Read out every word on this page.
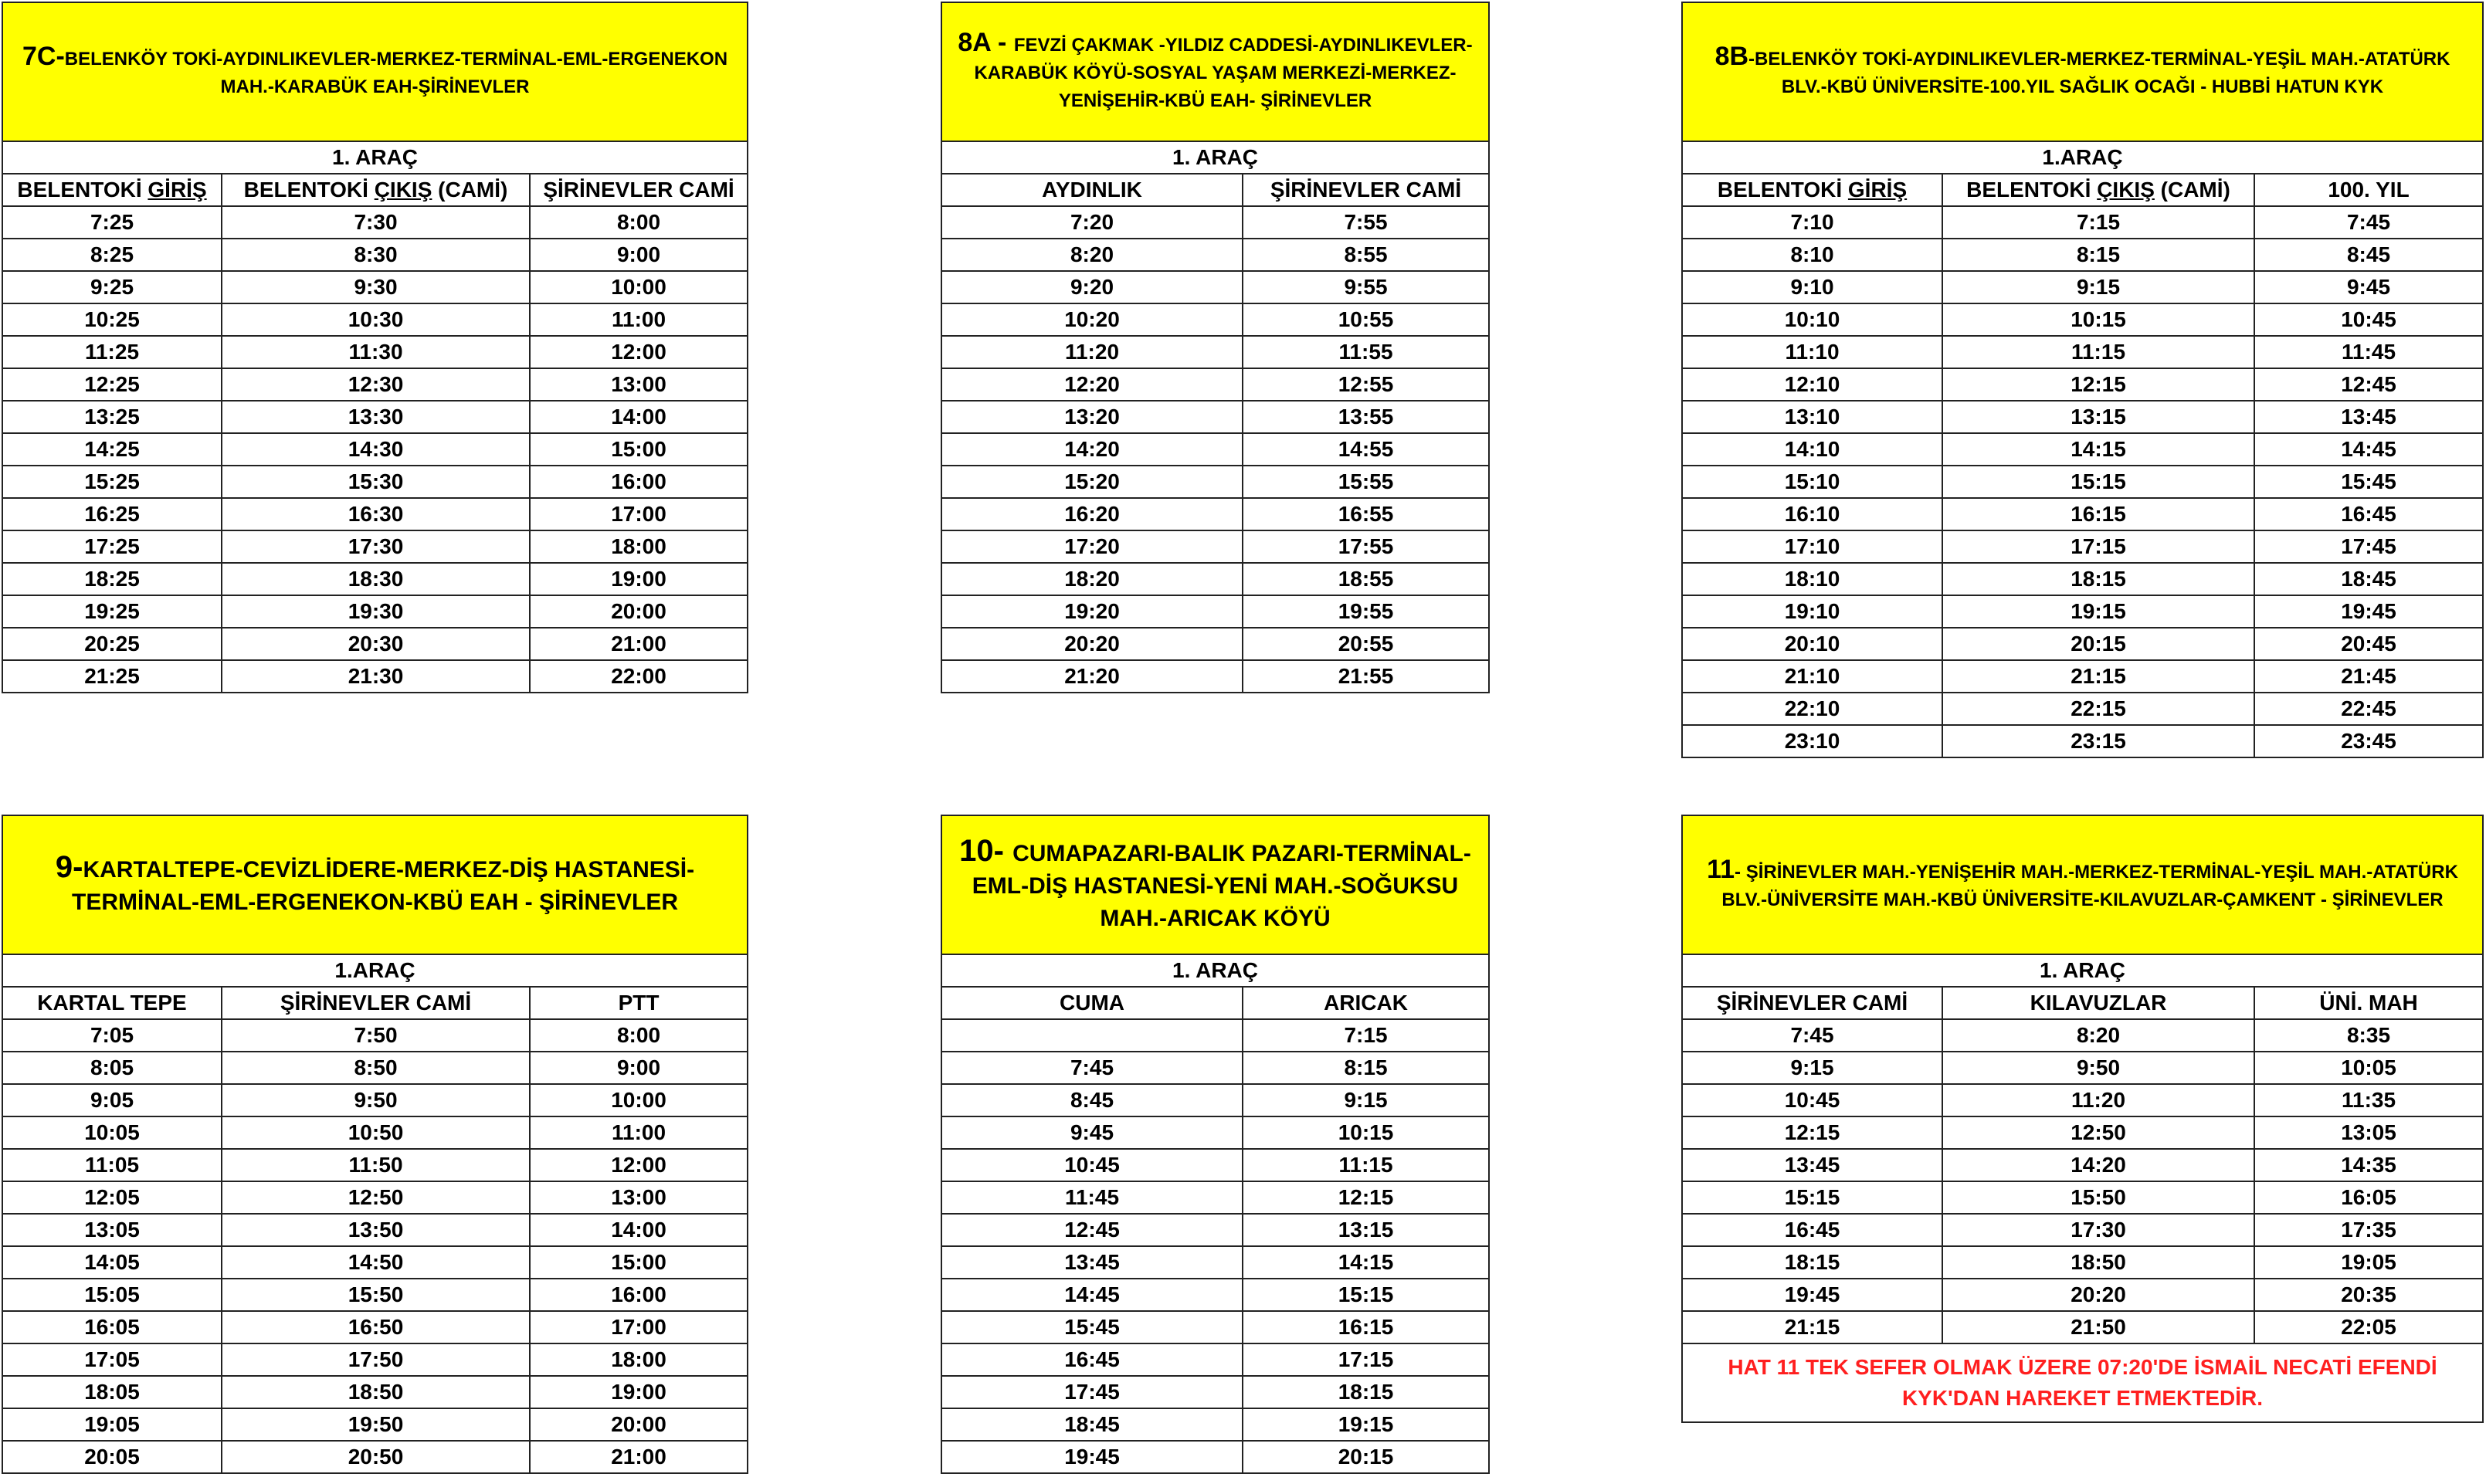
7C-BELENKÖY TOKİ-AYDINLIKEVLER-MERKEZ-TERMİNAL-EML-ERGENEKON MAH.-KARABÜK EAH-ŞİRİNEVLER		
1. ARAÇ		
BELENTOKİ GİRİŞ	BELENTOKİ ÇIKIŞ (CAMİ)	ŞİRİNEVLER CAMİ
7:25	7:30	8:00
8:25	8:30	9:00
9:25	9:30	10:00
10:25	10:30	11:00
11:25	11:30	12:00
12:25	12:30	13:00
13:25	13:30	14:00
14:25	14:30	15:00
15:25	15:30	16:00
16:25	16:30	17:00
17:25	17:30	18:00
18:25	18:30	19:00
19:25	19:30	20:00
20:25	20:30	21:00
21:25	21:30	22:00
8A - FEVZİ ÇAKMAK -YILDIZ CADDESİ-AYDINLIKEVLER-KARABÜK KÖYÜ-SOSYAL YAŞAM MERKEZİ-MERKEZ-YENİŞEHİR-KBÜ EAH- ŞİRİNEVLER	
1. ARAÇ	
AYDINLIK	ŞİRİNEVLER CAMİ
7:20	7:55
8:20	8:55
9:20	9:55
10:20	10:55
11:20	11:55
12:20	12:55
13:20	13:55
14:20	14:55
15:20	15:55
16:20	16:55
17:20	17:55
18:20	18:55
19:20	19:55
20:20	20:55
21:20	21:55
8B-BELENKÖY TOKİ-AYDINLIKEVLER-MERKEZ-TERMİNAL-YEŞİL MAH.-ATATÜRK BLV.-KBÜ ÜNİVERSİTE-100.YIL SAĞLIK OCAĞI - HUBBİ HATUN KYK		
1.ARAÇ		
BELENTOKİ GİRİŞ	BELENTOKİ ÇIKIŞ (CAMİ)	100. YIL
7:10	7:15	7:45
8:10	8:15	8:45
9:10	9:15	9:45
10:10	10:15	10:45
11:10	11:15	11:45
12:10	12:15	12:45
13:10	13:15	13:45
14:10	14:15	14:45
15:10	15:15	15:45
16:10	16:15	16:45
17:10	17:15	17:45
18:10	18:15	18:45
19:10	19:15	19:45
20:10	20:15	20:45
21:10	21:15	21:45
22:10	22:15	22:45
23:10	23:15	23:45
9-KARTALTEPE-CEVİZLİDERE-MERKEZ-DİŞ HASTANESİ-TERMİNAL-EML-ERGENEKON-KBÜ EAH - ŞİRİNEVLER		
1.ARAÇ		
KARTAL TEPE	ŞİRİNEVLER CAMİ	PTT
7:05	7:50	8:00
8:05	8:50	9:00
9:05	9:50	10:00
10:05	10:50	11:00
11:05	11:50	12:00
12:05	12:50	13:00
13:05	13:50	14:00
14:05	14:50	15:00
15:05	15:50	16:00
16:05	16:50	17:00
17:05	17:50	18:00
18:05	18:50	19:00
19:05	19:50	20:00
20:05	20:50	21:00
10- CUMAPAZARI-BALIK PAZARI-TERMİNAL-EML-DİŞ HASTANESİ-YENİ MAH.-SOĞUKSU MAH.-ARICAK KÖYÜ	
1. ARAÇ	
CUMA	ARICAK
	7:15
7:45	8:15
8:45	9:15
9:45	10:15
10:45	11:15
11:45	12:15
12:45	13:15
13:45	14:15
14:45	15:15
15:45	16:15
16:45	17:15
17:45	18:15
18:45	19:15
19:45	20:15
11- ŞİRİNEVLER MAH.-YENİŞEHİR MAH.-MERKEZ-TERMİNAL-YEŞİL MAH.-ATATÜRK BLV.-ÜNİVERSİTE MAH.-KBÜ ÜNİVERSİTE-KILAVUZLAR-ÇAMKENT - ŞİRİNEVLER		
1. ARAÇ		
ŞİRİNEVLER CAMİ	KILAVUZLAR	ÜNİ. MAH
7:45	8:20	8:35
9:15	9:50	10:05
10:45	11:20	11:35
12:15	12:50	13:05
13:45	14:20	14:35
15:15	15:50	16:05
16:45	17:30	17:35
18:15	18:50	19:05
19:45	20:20	20:35
21:15	21:50	22:05
HAT 11 TEK SEFER OLMAK ÜZERE 07:20'DE İSMAİL NECATİ EFENDİ KYK'DAN HAREKET ETMEKTEDİR.		
